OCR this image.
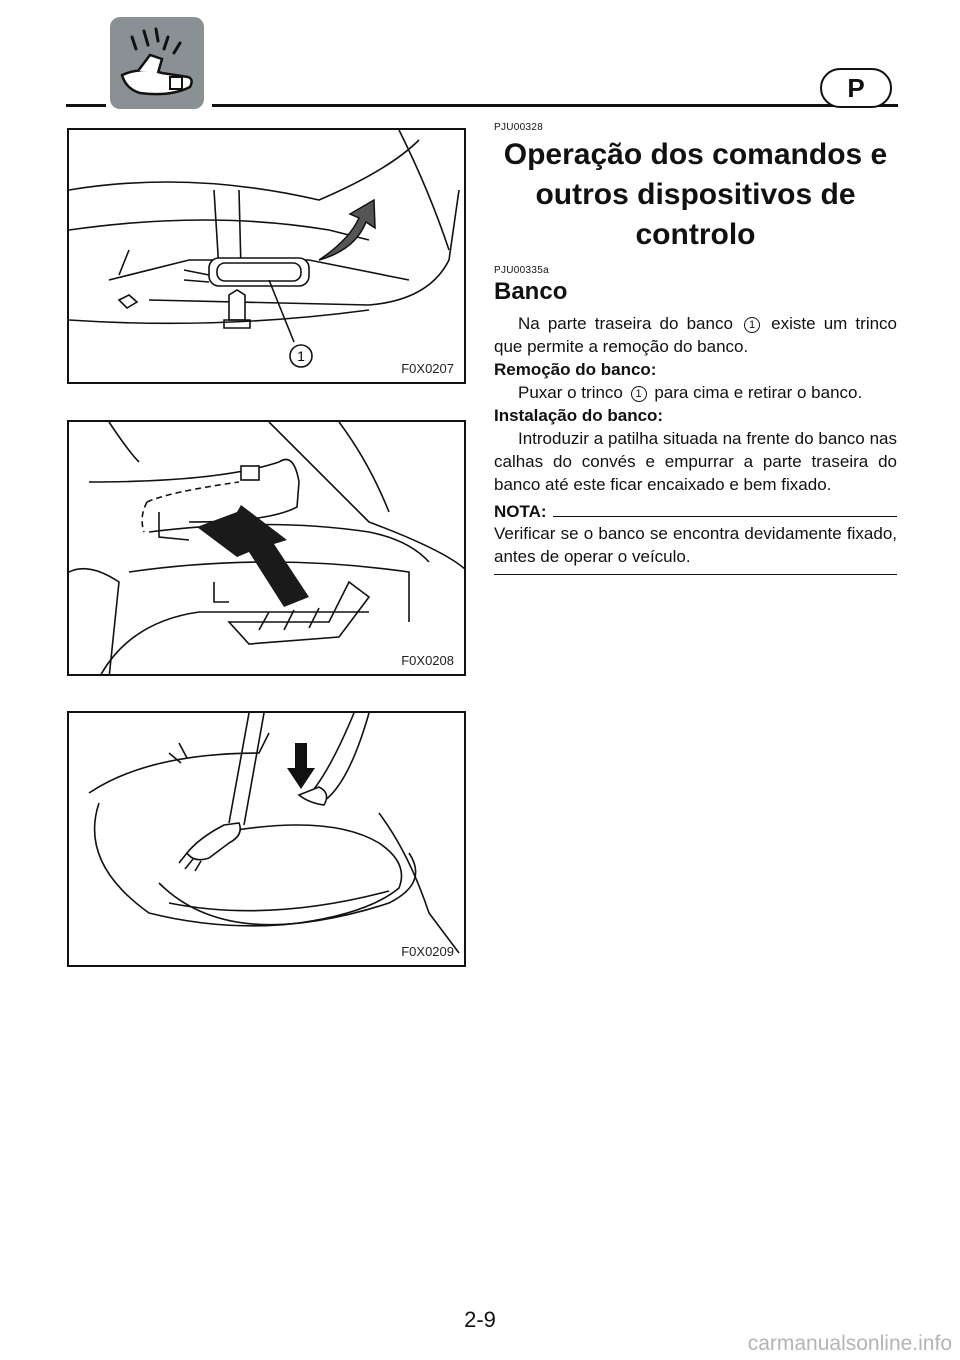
P
1
F0X0207
F0X0208
F0X0209
PJU00328
Operação dos comandos e outros dispositivos de controlo
PJU00335a
Banco

Na parte traseira do banco 1 existe um trinco que permite a remoção do banco.

Remoção do banco:

Puxar o trinco 1 para cima e retirar o banco.

Instalação do banco:

Introduzir a patilha situada na frente do banco nas calhas do convés e empurrar a parte traseira do banco até este ficar encaixado e bem fixado.

NOTA:

Verificar se o banco se encontra devidamente fixado, antes de operar o veículo.

2-9
carmanualsonline.info
